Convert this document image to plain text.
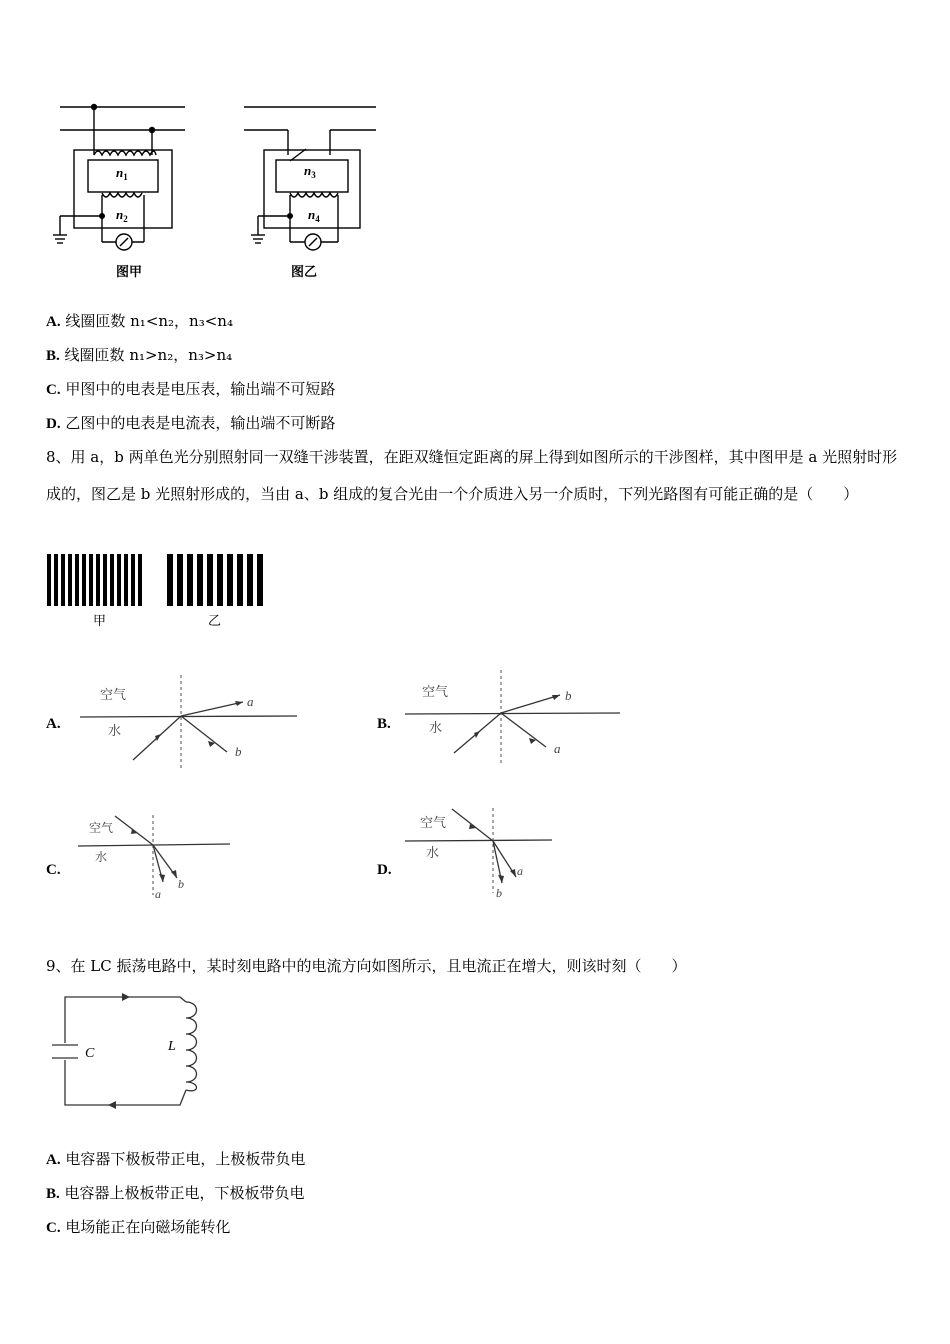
$n_1$
$n_2$
$n_3$
$n_4$
图甲	图乙
A. 线圈匝数 n₁<n₂，n₃<n₄
B. 线圈匝数 n₁>n₂，n₃>n₄
C. 甲图中的电表是电压表，输出端不可短路
D. 乙图中的电表是电流表，输出端不可断路
8、用 a，b 两单色光分别照射同一双缝干涉装置，在距双缝恒定距离的屏上得到如图所示的干涉图样，其中图甲是 a 光照射时形成的，图乙是 b 光照射形成的，当由 a、b 组成的复合光由一个介质进入另一介质时，下列光路图有可能正确的是（　　）
甲	乙
A.
空气
水
a
b
B.
空气
水
b
a
C.
空气
水
a
b
D.
空气
水
b
a
9、在 LC 振荡电路中，某时刻电路中的电流方向如图所示，且电流正在增大，则该时刻（　　）
C	L
A. 电容器下极板带正电，上极板带负电
B. 电容器上极板带正电，下极板带负电
C. 电场能正在向磁场能转化
